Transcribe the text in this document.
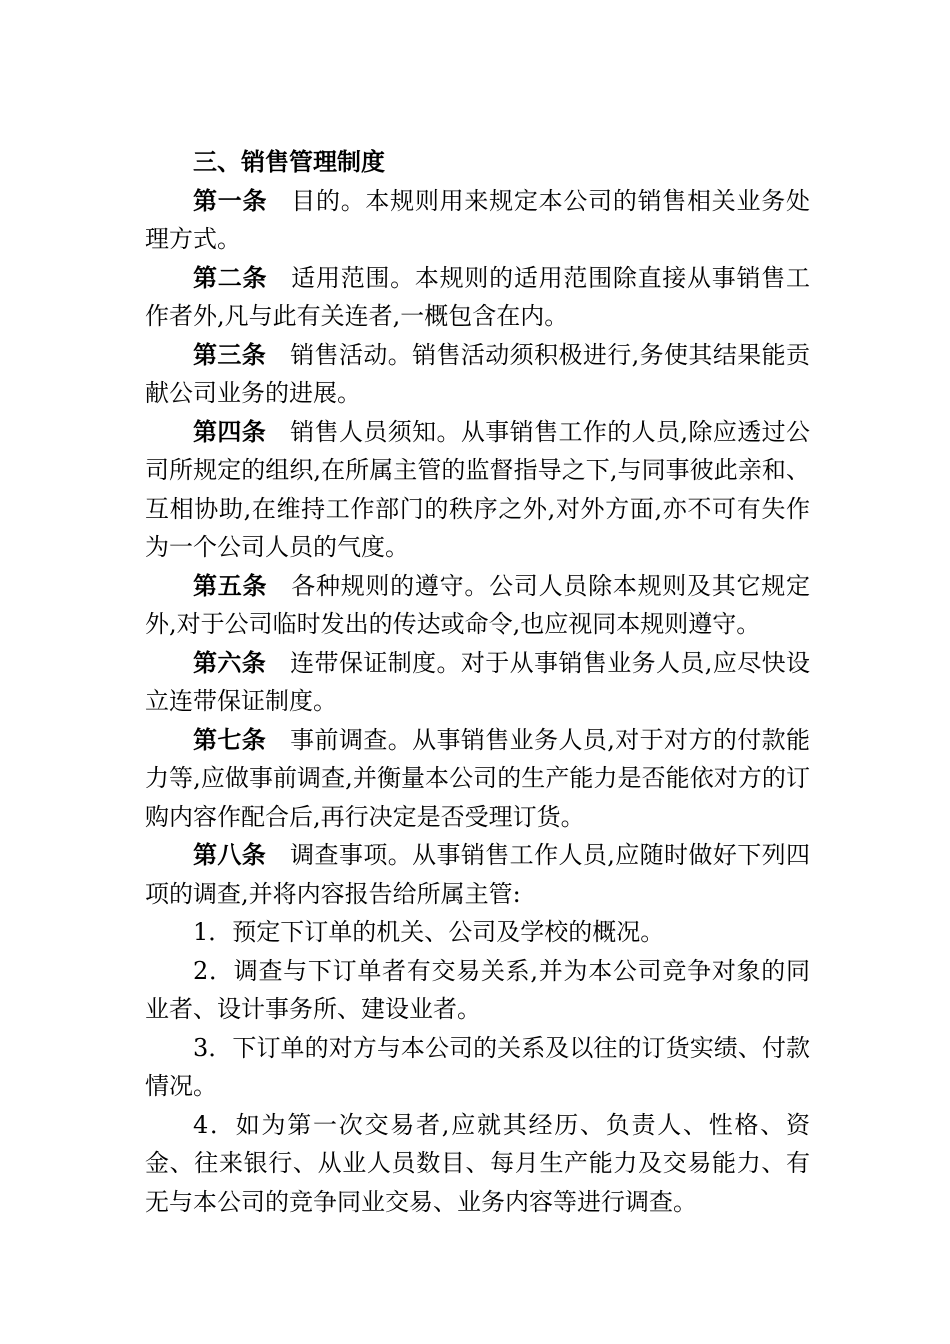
三、销售管理制度

第一条 目的。本规则用来规定本公司的销售相关业务处理方式。

第二条 适用范围。本规则的适用范围除直接从事销售工作者外,凡与此有关连者,一概包含在内。

第三条 销售活动。销售活动须积极进行,务使其结果能贡献公司业务的进展。

第四条 销售人员须知。从事销售工作的人员,除应透过公司所规定的组织,在所属主管的监督指导之下,与同事彼此亲和、互相协助,在维持工作部门的秩序之外,对外方面,亦不可有失作为一个公司人员的气度。

第五条 各种规则的遵守。公司人员除本规则及其它规定外,对于公司临时发出的传达或命令,也应视同本规则遵守。

第六条 连带保证制度。对于从事销售业务人员,应尽快设立连带保证制度。

第七条 事前调查。从事销售业务人员,对于对方的付款能力等,应做事前调查,并衡量本公司的生产能力是否能依对方的订购内容作配合后,再行决定是否受理订货。

第八条 调查事项。从事销售工作人员,应随时做好下列四项的调查,并将内容报告给所属主管:

1．预定下订单的机关、公司及学校的概况。

2．调查与下订单者有交易关系,并为本公司竞争对象的同业者、设计事务所、建设业者。

3．下订单的对方与本公司的关系及以往的订货实绩、付款情况。

4．如为第一次交易者,应就其经历、负责人、性格、资金、往来银行、从业人员数目、每月生产能力及交易能力、有无与本公司的竞争同业交易、业务内容等进行调查。
